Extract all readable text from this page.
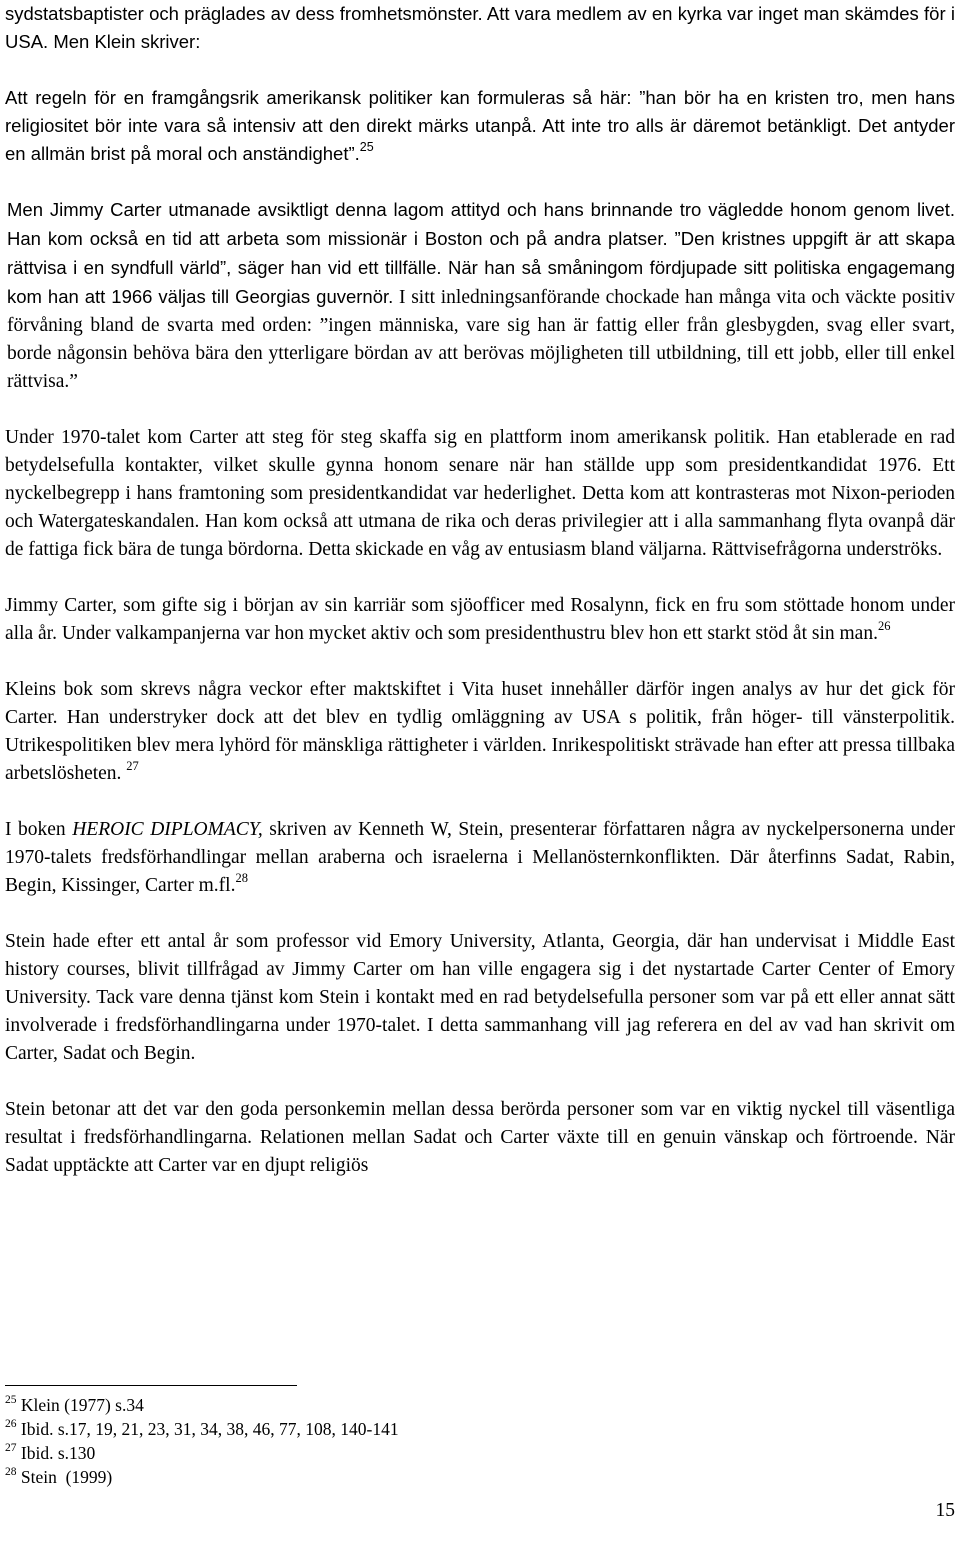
sydstatsbaptister och präglades av dess fromhetsmönster. Att vara medlem av en kyrka var inget man skämdes för i USA. Men Klein skriver:

Att regeln för en framgångsrik amerikansk politiker kan formuleras så här: ”han bör ha en kristen tro, men hans religiositet bör inte vara så intensiv att den direkt märks utanpå. Att inte tro alls är däremot betänkligt. Det antyder en allmän brist på moral och anständighet”.$^{25}$

Men Jimmy Carter utmanade avsiktligt denna lagom attityd och hans brinnande tro vägledde honom genom livet. Han kom också en tid att arbeta som missionär i Boston och på andra platser. ”Den kristnes uppgift är att skapa rättvisa i en syndfull värld”, säger han vid ett tillfälle. När han så småningom fördjupade sitt politiska engagemang kom han att 1966 väljas till Georgias guvernör. I sitt inledningsanförande chockade han många vita och väckte positiv förvåning bland de svarta med orden: ”ingen människa, vare sig han är fattig eller från glesbygden, svag eller svart, borde någonsin behöva bära den ytterligare bördan av att berövas möjligheten till utbildning, till ett jobb, eller till enkel rättvisa.”

Under 1970-talet kom Carter att steg för steg skaffa sig en plattform inom amerikansk politik. Han etablerade en rad betydelsefulla kontakter, vilket skulle gynna honom senare när han ställde upp som presidentkandidat 1976. Ett nyckelbegrepp i hans framtoning som presidentkandidat var hederlighet. Detta kom att kontrasteras mot Nixon-perioden och Watergateskandalen. Han kom också att utmana de rika och deras privilegier att i alla sammanhang flyta ovanpå där de fattiga fick bära de tunga bördorna. Detta skickade en våg av entusiasm bland väljarna. Rättvisefrågorna underströks.

Jimmy Carter, som gifte sig i början av sin karriär som sjöofficer med Rosalynn, fick en fru som stöttade honom under alla år. Under valkampanjerna var hon mycket aktiv och som presidenthustru blev hon ett starkt stöd åt sin man.$^{26}$

Kleins bok som skrevs några veckor efter maktskiftet i Vita huset innehåller därför ingen analys av hur det gick för Carter. Han understryker dock att det blev en tydlig omläggning av USA s politik, från höger- till vänsterpolitik. Utrikespolitiken blev mera lyhörd för mänskliga rättigheter i världen. Inrikespolitiskt strävade han efter att pressa tillbaka arbetslösheten. $^{27}$

I boken HEROIC DIPLOMACY, skriven av Kenneth W, Stein, presenterar författaren några av nyckelpersonerna under 1970-talets fredsförhandlingar mellan araberna och israelerna i Mellanösternkonflikten. Där återfinns Sadat, Rabin, Begin, Kissinger, Carter m.fl.$^{28}$

Stein hade efter ett antal år som professor vid Emory University, Atlanta, Georgia, där han undervisat i Middle East history courses, blivit tillfrågad av Jimmy Carter om han ville engagera sig i det nystartade Carter Center of Emory University. Tack vare denna tjänst kom Stein i kontakt med en rad betydelsefulla personer som var på ett eller annat sätt involverade i fredsförhandlingarna under 1970-talet. I detta sammanhang vill jag referera en del av vad han skrivit om Carter, Sadat och Begin.

Stein betonar att det var den goda personkemin mellan dessa berörda personer som var en viktig nyckel till väsentliga resultat i fredsförhandlingarna. Relationen mellan Sadat och Carter växte till en genuin vänskap och förtroende. När Sadat upptäckte att Carter var en djupt religiös

$^{25}$ Klein (1977) s.34
$^{26}$ Ibid. s.17, 19, 21, 23, 31, 34, 38, 46, 77, 108, 140-141
$^{27}$ Ibid. s.130
$^{28}$ Stein  (1999)
15
